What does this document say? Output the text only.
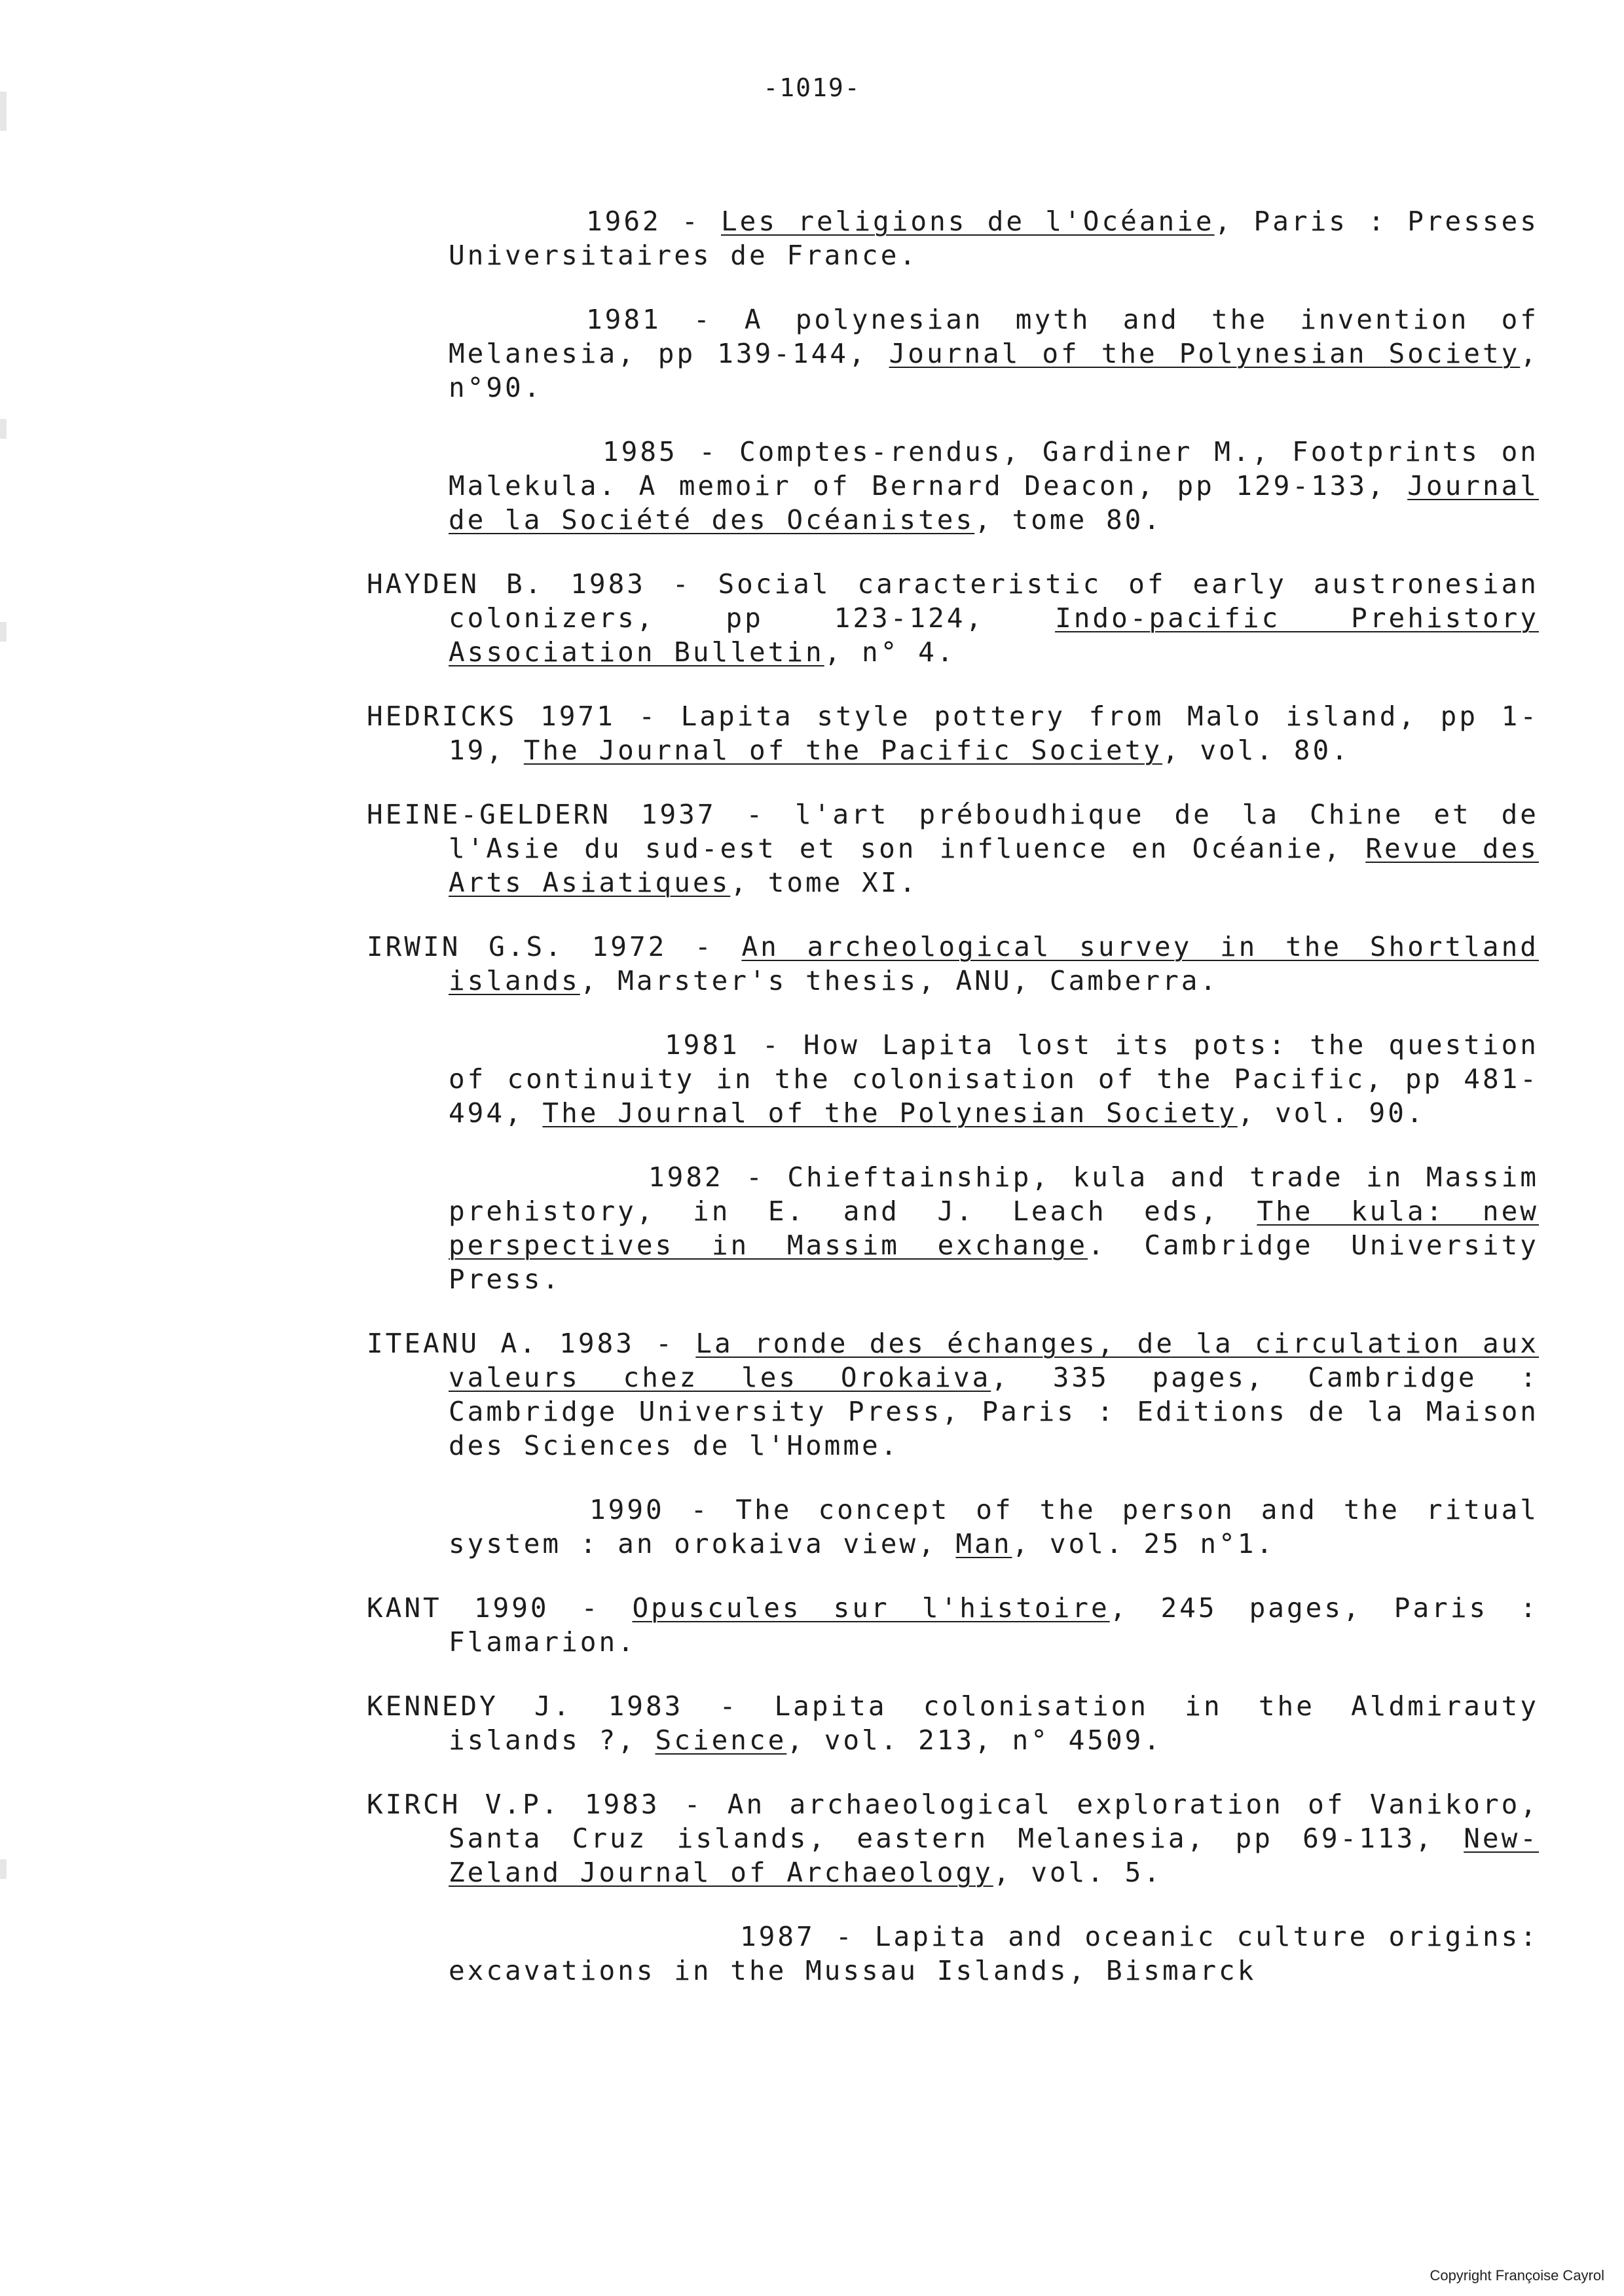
-1019-

1962 - Les religions de l'Océanie, Paris : Presses Universitaires de France.

1981 - A polynesian myth and the invention of Melanesia, pp 139-144, Journal of the Polynesian Society, n°90.

1985 - Comptes-rendus, Gardiner M., Footprints on Malekula. A memoir of Bernard Deacon, pp 129-133, Journal de la Société des Océanistes, tome 80.

HAYDEN B. 1983 - Social caracteristic of early austronesian colonizers, pp 123-124, Indo-pacific Prehistory Association Bulletin, n° 4.

HEDRICKS 1971 - Lapita style pottery from Malo island, pp 1-19, The Journal of the Pacific Society, vol. 80.

HEINE-GELDERN 1937 - l'art préboudhique de la Chine et de l'Asie du sud-est et son influence en Océanie, Revue des Arts Asiatiques, tome XI.

IRWIN G.S. 1972 - An archeological survey in the Shortland islands, Marster's thesis, ANU, Camberra.

1981 - How Lapita lost its pots: the question of continuity in the colonisation of the Pacific, pp 481-494, The Journal of the Polynesian Society, vol. 90.

1982 - Chieftainship, kula and trade in Massim prehistory, in E. and J. Leach eds, The kula: new perspectives in Massim exchange. Cambridge University Press.

ITEANU A. 1983 - La ronde des échanges, de la circulation aux valeurs chez les Orokaiva, 335 pages, Cambridge : Cambridge University Press, Paris : Editions de la Maison des Sciences de l'Homme.

1990 - The concept of the person and the ritual system : an orokaiva view, Man, vol. 25 n°1.

KANT 1990 - Opuscules sur l'histoire, 245 pages, Paris : Flamarion.

KENNEDY J. 1983 - Lapita colonisation in the Aldmirauty islands ?, Science, vol. 213, n° 4509.

KIRCH V.P. 1983 - An archaeological exploration of Vanikoro, Santa Cruz islands, eastern Melanesia, pp 69-113, New-Zeland Journal of Archaeology, vol. 5.

1987 - Lapita and oceanic culture origins: excavations in the Mussau Islands, Bismarck

Copyright Françoise Cayrol
